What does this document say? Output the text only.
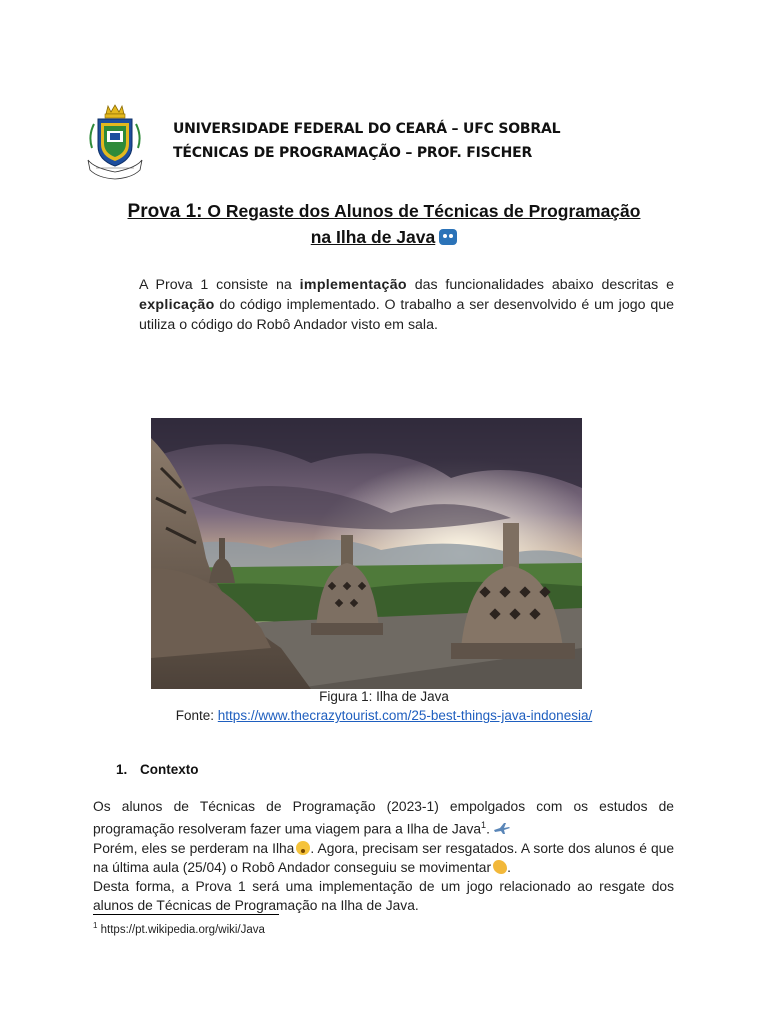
UNIVERSIDADE FEDERAL DO CEARÁ – UFC SOBRAL
TÉCNICAS DE PROGRAMAÇÃO – PROF. FISCHER
Prova 1: O Regaste dos Alunos de Técnicas de Programação
na Ilha de Java
A Prova 1 consiste na implementação das funcionalidades abaixo descritas e explicação do código implementado. O trabalho a ser desenvolvido é um jogo que utiliza o código do Robô Andador visto em sala.
Figura 1: Ilha de Java
Fonte: https://www.thecrazytourist.com/25-best-things-java-indonesia/
1. Contexto

Os alunos de Técnicas de Programação (2023-1) empolgados com os estudos de programação resolveram fazer uma viagem para a Ilha de Java$^1$.

Porém, eles se perderam na Ilha . Agora, precisam ser resgatados. A sorte dos alunos é que na última aula (25/04) o Robô Andador conseguiu se movimentar .

Desta forma, a Prova 1 será uma implementação de um jogo relacionado ao resgate dos alunos de Técnicas de Programação na Ilha de Java.

$^1$ https://pt.wikipedia.org/wiki/Java
